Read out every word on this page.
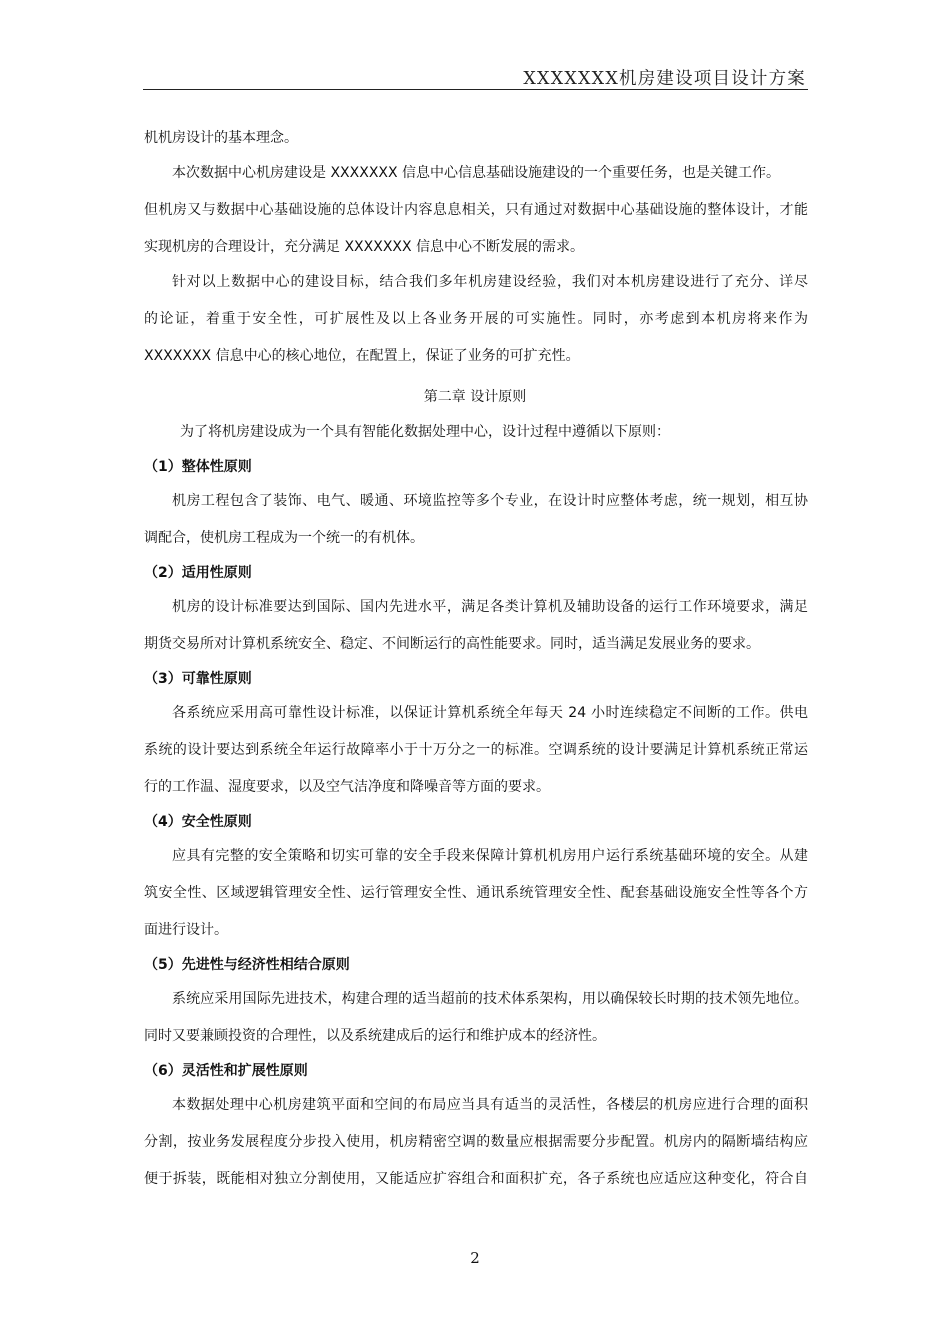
XXXXXXX机房建设项目设计方案
机机房设计的基本理念。
本次数据中心机房建设是 XXXXXXX 信息中心信息基础设施建设的一个重要任务，也是关键工作。
但机房又与数据中心基础设施的总体设计内容息息相关，只有通过对数据中心基础设施的整体设计，才能
实现机房的合理设计，充分满足 XXXXXXX 信息中心不断发展的需求。
针对以上数据中心的建设目标，结合我们多年机房建设经验，我们对本机房建设进行了充分、详尽
的论证，着重于安全性，可扩展性及以上各业务开展的可实施性。同时，亦考虑到本机房将来作为
XXXXXXX 信息中心的核心地位，在配置上，保证了业务的可扩充性。
第二章 设计原则
为了将机房建设成为一个具有智能化数据处理中心，设计过程中遵循以下原则：
（1）整体性原则
机房工程包含了装饰、电气、暖通、环境监控等多个专业，在设计时应整体考虑，统一规划，相互协
调配合，使机房工程成为一个统一的有机体。
（2）适用性原则
机房的设计标准要达到国际、国内先进水平，满足各类计算机及辅助设备的运行工作环境要求，满足
期货交易所对计算机系统安全、稳定、不间断运行的高性能要求。同时，适当满足发展业务的要求。
（3）可靠性原则
各系统应采用高可靠性设计标准，以保证计算机系统全年每天 24 小时连续稳定不间断的工作。供电
系统的设计要达到系统全年运行故障率小于十万分之一的标准。空调系统的设计要满足计算机系统正常运
行的工作温、湿度要求，以及空气洁净度和降噪音等方面的要求。
（4）安全性原则
应具有完整的安全策略和切实可靠的安全手段来保障计算机机房用户运行系统基础环境的安全。从建
筑安全性、区域逻辑管理安全性、运行管理安全性、通讯系统管理安全性、配套基础设施安全性等各个方
面进行设计。
（5）先进性与经济性相结合原则
系统应采用国际先进技术，构建合理的适当超前的技术体系架构，用以确保较长时期的技术领先地位。
同时又要兼顾投资的合理性，以及系统建成后的运行和维护成本的经济性。
（6）灵活性和扩展性原则
本数据处理中心机房建筑平面和空间的布局应当具有适当的灵活性，各楼层的机房应进行合理的面积
分割，按业务发展程度分步投入使用，机房精密空调的数量应根据需要分步配置。机房内的隔断墙结构应
便于拆装，既能相对独立分割使用，又能适应扩容组合和面积扩充，各子系统也应适应这种变化，符合自
2
